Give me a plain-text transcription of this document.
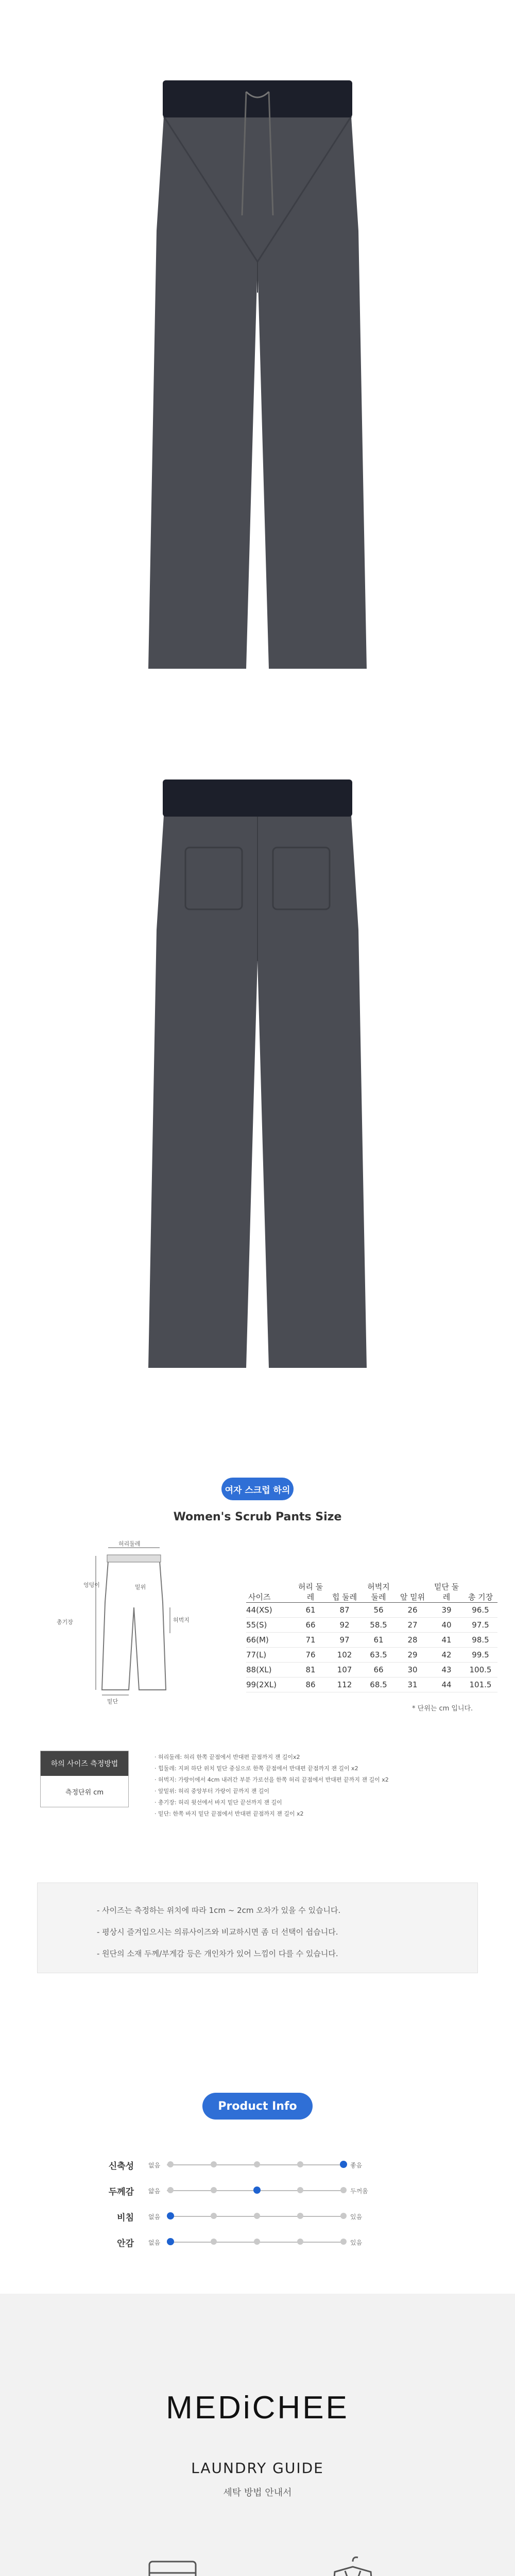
여자 스크럽 하의
Women's Scrub Pants Size
허리둘레
총기장
엉덩이
허벅지
밑위
밑단
사이즈	허리 둘레	힙 둘레	허벅지 둘레	앞 밑위	밑단 둘레	총 기장
44(XS)	61	87	56	26	39	96.5
55(S)	66	92	58.5	27	40	97.5
66(M)	71	97	61	28	41	98.5
77(L)	76	102	63.5	29	42	99.5
88(XL)	81	107	66	30	43	100.5
99(2XL)	86	112	68.5	31	44	101.5
* 단위는 cm 입니다.
하의 사이즈 측정방법
측정단위 cm
· 허리둘레: 허리 한쪽 끝점에서 반대편 끝점까지 잰 길이x2
· 힙둘레: 지퍼 하단 위치 밑단 중심으로 한쪽 끝점에서 반대편 끝점까지 잰 길이 x2
· 허벅지: 가랑이에서 4cm 내려간 부분 가로선을 한쪽 허리 끝점에서 반대편 끝까지 잰 길이 x2
· 앞밑위: 허리 중앙부터 가랑이 끝까지 잰 길이
· 총기장: 허리 윗선에서 바지 밑단 끝선까지 잰 길이
· 밑단: 한쪽 바지 밑단 끝점에서 반대편 끝점까지 잰 길이 x2
- 사이즈는 측정하는 위치에 따라 1cm ~ 2cm 오차가 있을 수 있습니다.
- 평상시 즐겨입으시는 의류사이즈와 비교하시면 좀 더 선택이 쉽습니다.
- 원단의 소재 두께/부게감 등은 개인차가 있어 느낌이 다를 수 있습니다.
Product Info
신축성 없음	좋음
두께감 얇음	두꺼움
비침 없음	있음
안감 없음	있음
MEDiCHEE
LAUNDRY GUIDE
세탁 방법 안내서
